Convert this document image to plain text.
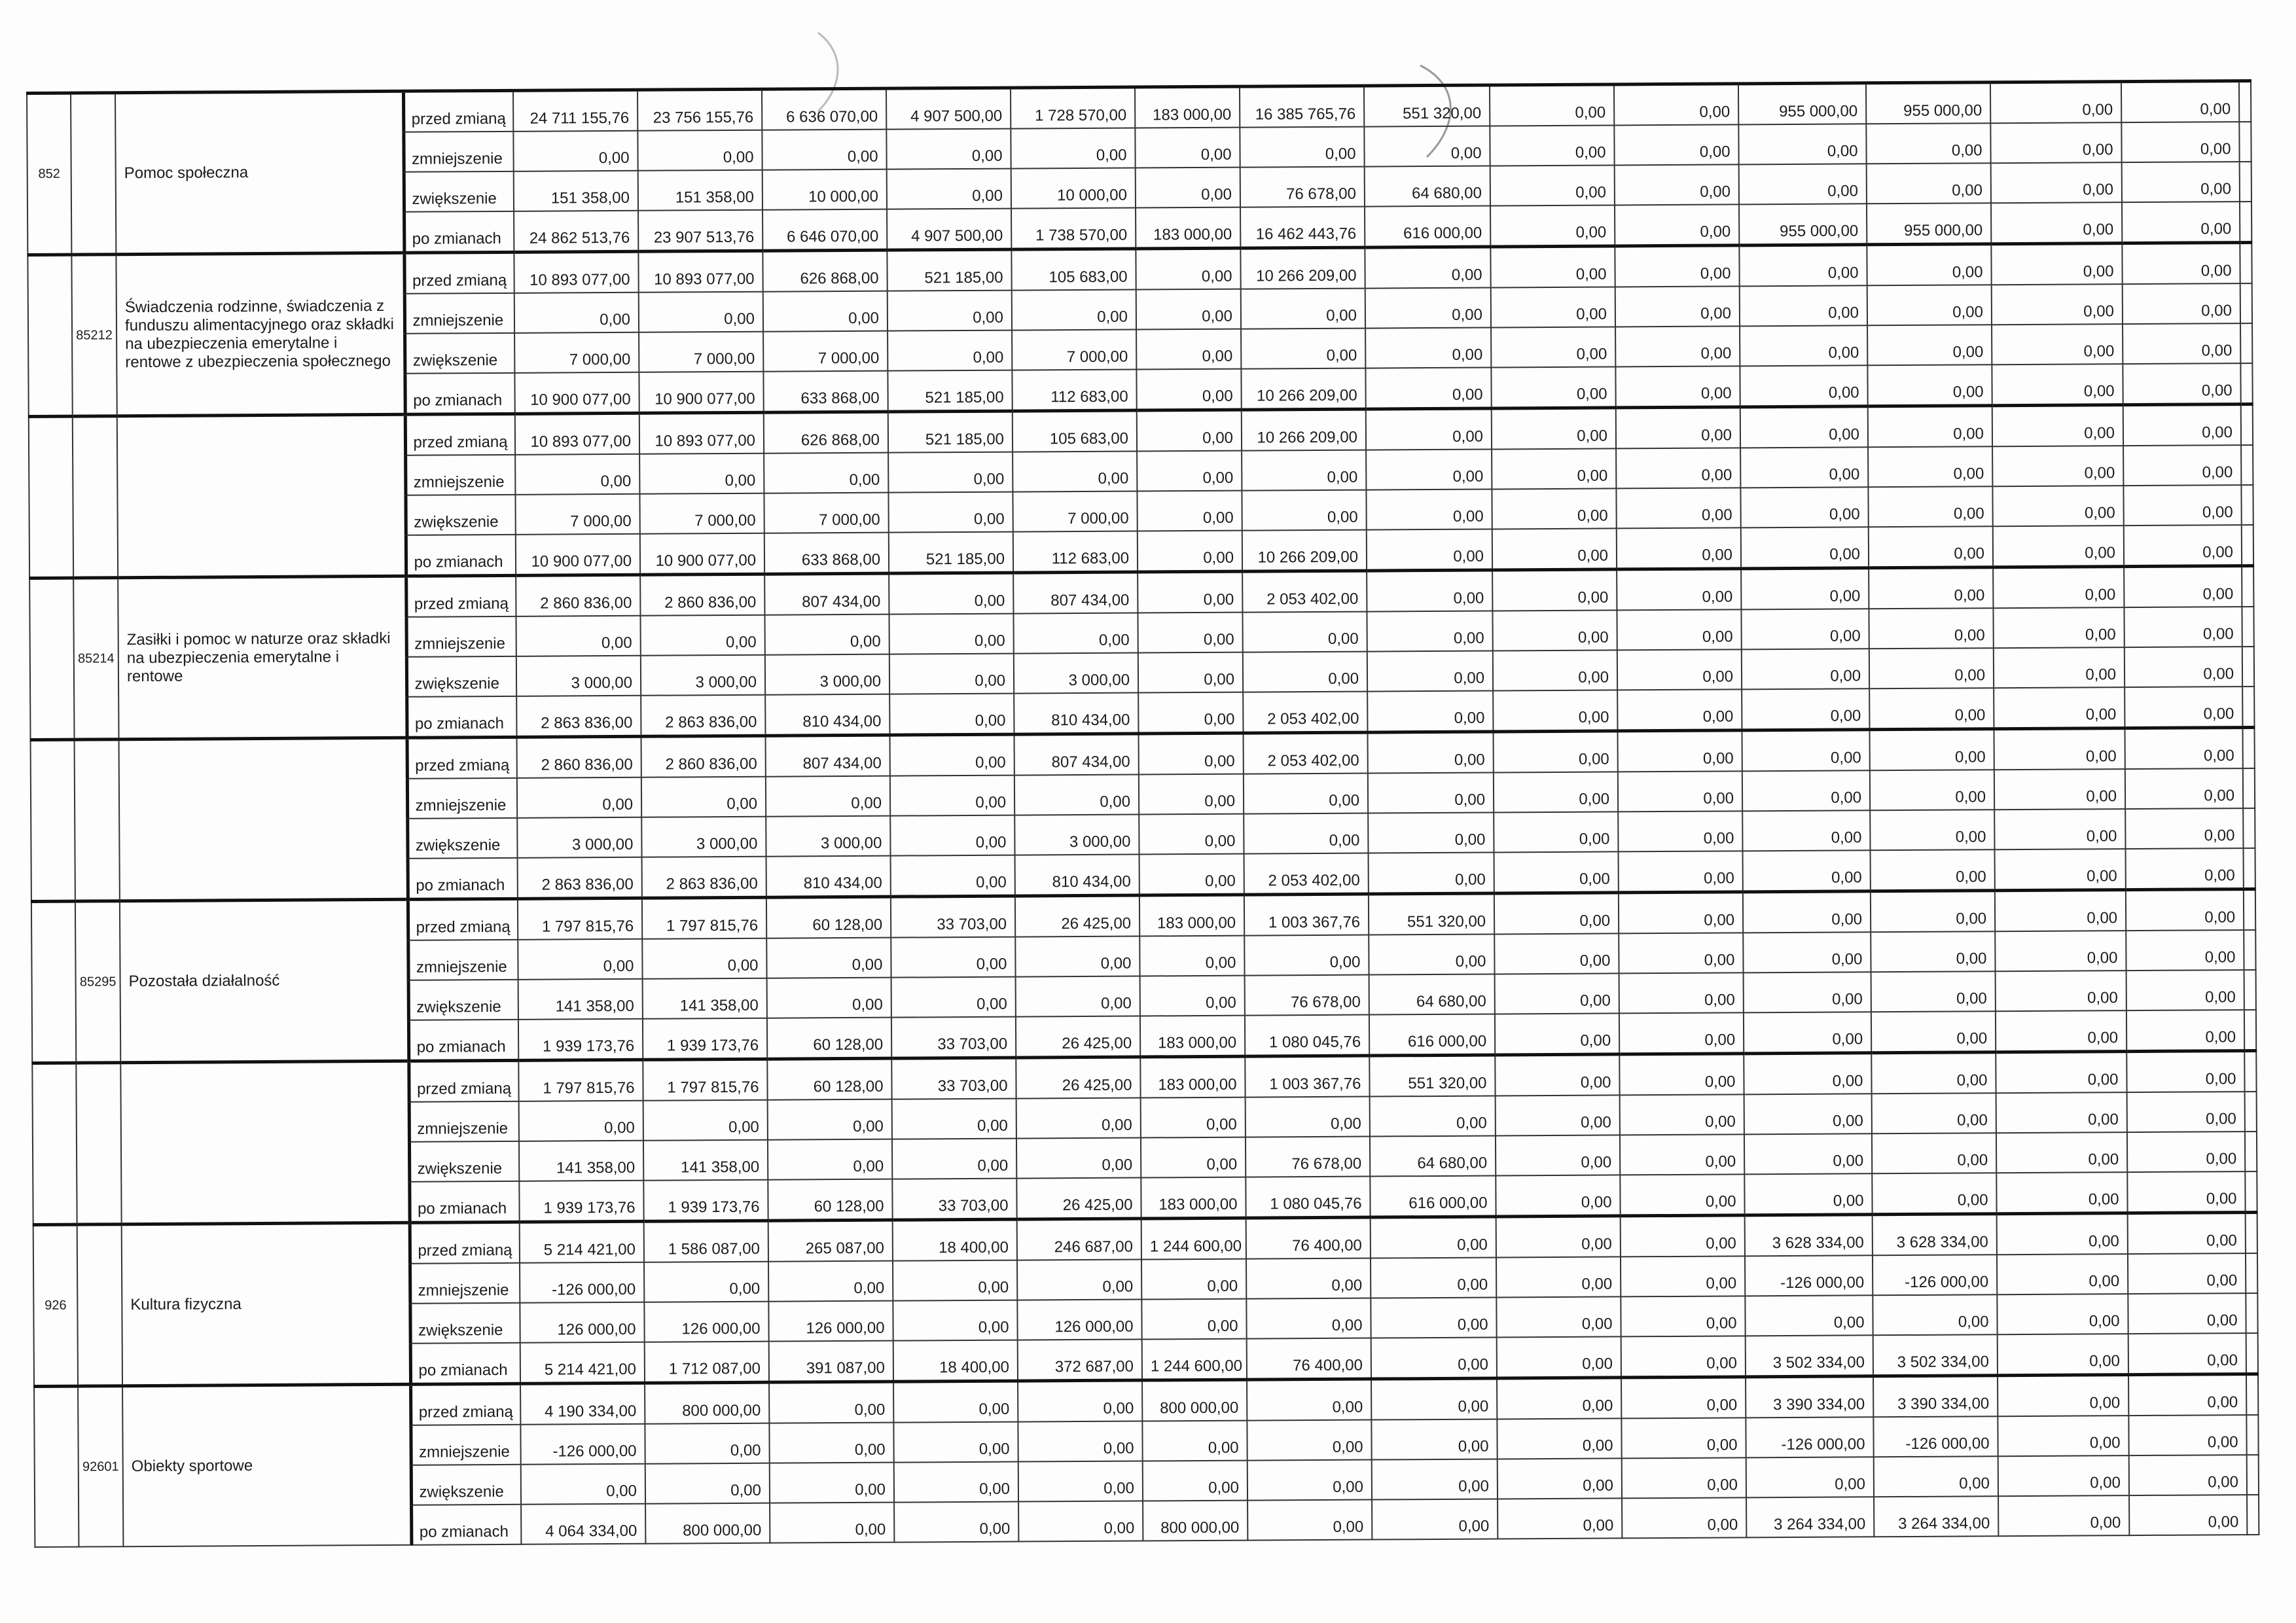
852		Pomoc społeczna	przed zmianą	24 711 155,76	23 756 155,76	6 636 070,00	4 907 500,00	1 728 570,00	183 000,00	16 385 765,76	551 320,00	0,00	0,00	955 000,00	955 000,00	0,00	0,00	
			zmniejszenie	0,00	0,00	0,00	0,00	0,00	0,00	0,00	0,00	0,00	0,00	0,00	0,00	0,00	0,00	
			zwiększenie	151 358,00	151 358,00	10 000,00	0,00	10 000,00	0,00	76 678,00	64 680,00	0,00	0,00	0,00	0,00	0,00	0,00	
			po zmianach	24 862 513,76	23 907 513,76	6 646 070,00	4 907 500,00	1 738 570,00	183 000,00	16 462 443,76	616 000,00	0,00	0,00	955 000,00	955 000,00	0,00	0,00	
	85212	Świadczenia rodzinne, świadczenia z funduszu alimentacyjnego oraz składki na ubezpieczenia emerytalne i rentowe z ubezpieczenia społecznego	przed zmianą	10 893 077,00	10 893 077,00	626 868,00	521 185,00	105 683,00	0,00	10 266 209,00	0,00	0,00	0,00	0,00	0,00	0,00	0,00	
			zmniejszenie	0,00	0,00	0,00	0,00	0,00	0,00	0,00	0,00	0,00	0,00	0,00	0,00	0,00	0,00	
			zwiększenie	7 000,00	7 000,00	7 000,00	0,00	7 000,00	0,00	0,00	0,00	0,00	0,00	0,00	0,00	0,00	0,00	
			po zmianach	10 900 077,00	10 900 077,00	633 868,00	521 185,00	112 683,00	0,00	10 266 209,00	0,00	0,00	0,00	0,00	0,00	0,00	0,00	
			przed zmianą	10 893 077,00	10 893 077,00	626 868,00	521 185,00	105 683,00	0,00	10 266 209,00	0,00	0,00	0,00	0,00	0,00	0,00	0,00	
			zmniejszenie	0,00	0,00	0,00	0,00	0,00	0,00	0,00	0,00	0,00	0,00	0,00	0,00	0,00	0,00	
			zwiększenie	7 000,00	7 000,00	7 000,00	0,00	7 000,00	0,00	0,00	0,00	0,00	0,00	0,00	0,00	0,00	0,00	
			po zmianach	10 900 077,00	10 900 077,00	633 868,00	521 185,00	112 683,00	0,00	10 266 209,00	0,00	0,00	0,00	0,00	0,00	0,00	0,00	
	85214	Zasiłki i pomoc w naturze oraz składki na ubezpieczenia emerytalne i rentowe	przed zmianą	2 860 836,00	2 860 836,00	807 434,00	0,00	807 434,00	0,00	2 053 402,00	0,00	0,00	0,00	0,00	0,00	0,00	0,00	
			zmniejszenie	0,00	0,00	0,00	0,00	0,00	0,00	0,00	0,00	0,00	0,00	0,00	0,00	0,00	0,00	
			zwiększenie	3 000,00	3 000,00	3 000,00	0,00	3 000,00	0,00	0,00	0,00	0,00	0,00	0,00	0,00	0,00	0,00	
			po zmianach	2 863 836,00	2 863 836,00	810 434,00	0,00	810 434,00	0,00	2 053 402,00	0,00	0,00	0,00	0,00	0,00	0,00	0,00	
			przed zmianą	2 860 836,00	2 860 836,00	807 434,00	0,00	807 434,00	0,00	2 053 402,00	0,00	0,00	0,00	0,00	0,00	0,00	0,00	
			zmniejszenie	0,00	0,00	0,00	0,00	0,00	0,00	0,00	0,00	0,00	0,00	0,00	0,00	0,00	0,00	
			zwiększenie	3 000,00	3 000,00	3 000,00	0,00	3 000,00	0,00	0,00	0,00	0,00	0,00	0,00	0,00	0,00	0,00	
			po zmianach	2 863 836,00	2 863 836,00	810 434,00	0,00	810 434,00	0,00	2 053 402,00	0,00	0,00	0,00	0,00	0,00	0,00	0,00	
	85295	Pozostała działalność	przed zmianą	1 797 815,76	1 797 815,76	60 128,00	33 703,00	26 425,00	183 000,00	1 003 367,76	551 320,00	0,00	0,00	0,00	0,00	0,00	0,00	
			zmniejszenie	0,00	0,00	0,00	0,00	0,00	0,00	0,00	0,00	0,00	0,00	0,00	0,00	0,00	0,00	
			zwiększenie	141 358,00	141 358,00	0,00	0,00	0,00	0,00	76 678,00	64 680,00	0,00	0,00	0,00	0,00	0,00	0,00	
			po zmianach	1 939 173,76	1 939 173,76	60 128,00	33 703,00	26 425,00	183 000,00	1 080 045,76	616 000,00	0,00	0,00	0,00	0,00	0,00	0,00	
			przed zmianą	1 797 815,76	1 797 815,76	60 128,00	33 703,00	26 425,00	183 000,00	1 003 367,76	551 320,00	0,00	0,00	0,00	0,00	0,00	0,00	
			zmniejszenie	0,00	0,00	0,00	0,00	0,00	0,00	0,00	0,00	0,00	0,00	0,00	0,00	0,00	0,00	
			zwiększenie	141 358,00	141 358,00	0,00	0,00	0,00	0,00	76 678,00	64 680,00	0,00	0,00	0,00	0,00	0,00	0,00	
			po zmianach	1 939 173,76	1 939 173,76	60 128,00	33 703,00	26 425,00	183 000,00	1 080 045,76	616 000,00	0,00	0,00	0,00	0,00	0,00	0,00	
926		Kultura fizyczna	przed zmianą	5 214 421,00	1 586 087,00	265 087,00	18 400,00	246 687,00	1 244 600,00	76 400,00	0,00	0,00	0,00	3 628 334,00	3 628 334,00	0,00	0,00	
			zmniejszenie	-126 000,00	0,00	0,00	0,00	0,00	0,00	0,00	0,00	0,00	0,00	-126 000,00	-126 000,00	0,00	0,00	
			zwiększenie	126 000,00	126 000,00	126 000,00	0,00	126 000,00	0,00	0,00	0,00	0,00	0,00	0,00	0,00	0,00	0,00	
			po zmianach	5 214 421,00	1 712 087,00	391 087,00	18 400,00	372 687,00	1 244 600,00	76 400,00	0,00	0,00	0,00	3 502 334,00	3 502 334,00	0,00	0,00	
	92601	Obiekty sportowe	przed zmianą	4 190 334,00	800 000,00	0,00	0,00	0,00	800 000,00	0,00	0,00	0,00	0,00	3 390 334,00	3 390 334,00	0,00	0,00	
			zmniejszenie	-126 000,00	0,00	0,00	0,00	0,00	0,00	0,00	0,00	0,00	0,00	-126 000,00	-126 000,00	0,00	0,00	
			zwiększenie	0,00	0,00	0,00	0,00	0,00	0,00	0,00	0,00	0,00	0,00	0,00	0,00	0,00	0,00	
			po zmianach	4 064 334,00	800 000,00	0,00	0,00	0,00	800 000,00	0,00	0,00	0,00	0,00	3 264 334,00	3 264 334,00	0,00	0,00	
